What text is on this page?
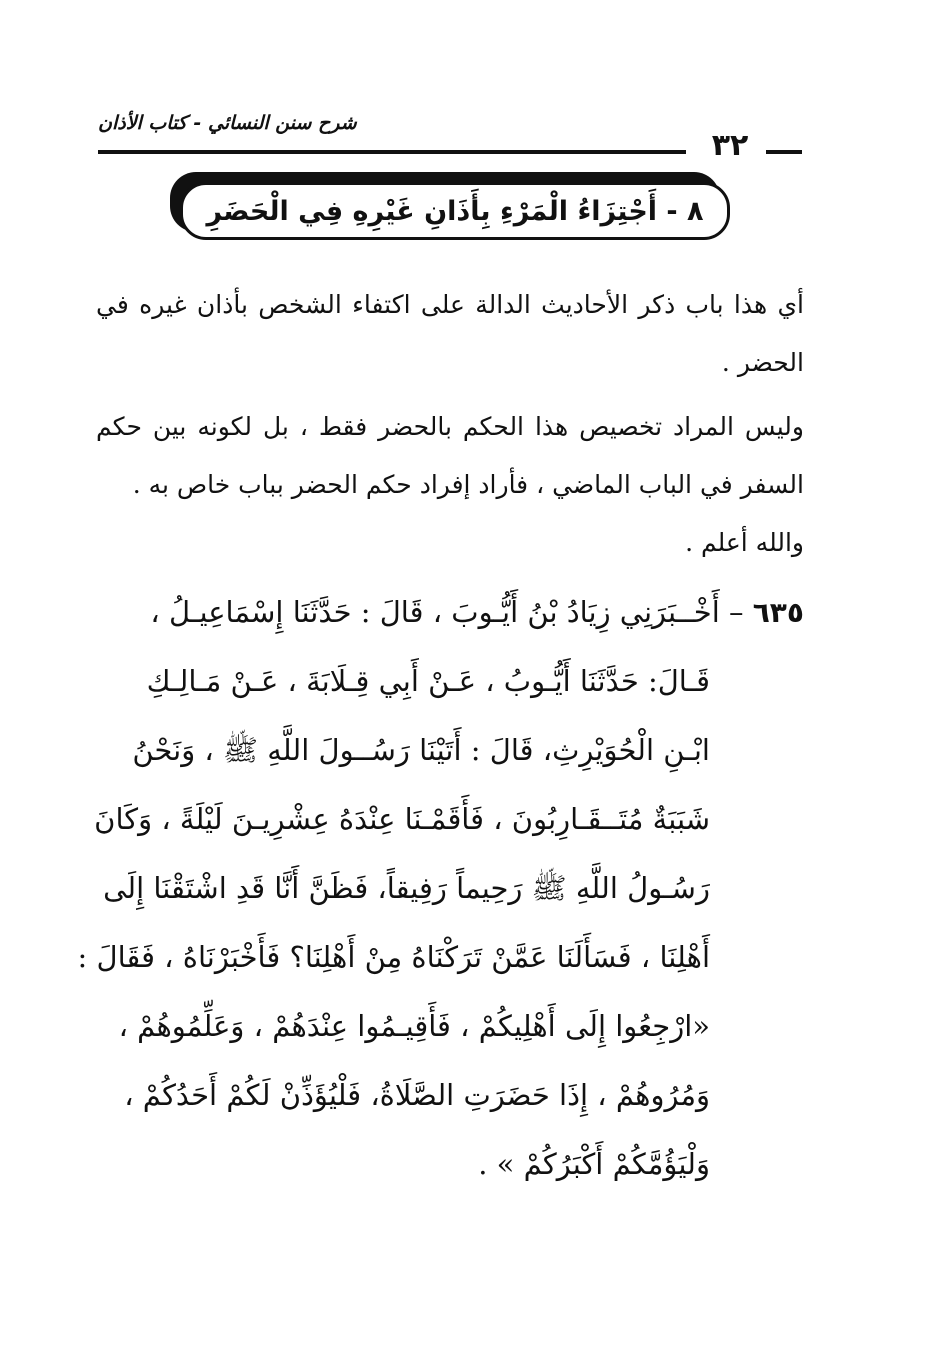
شرح سنن النسائي - كتاب الأذان
٣٢
٨ - أَجْتِزَاءُ الْمَرْءِ بِأَذَانِ غَيْرِهِ فِي الْحَضَرِ

أي هذا باب ذكر الأحاديث الدالة على اكتفاء الشخص بأذان غيره في الحضر .

وليس المراد تخصيص هذا الحكم بالحضر فقط ، بل لكونه بين حكم السفر في الباب الماضي ، فأراد إفراد حكم الحضر بباب خاص به .

والله أعلم .

٦٣٥ – أَخْــبَرَنِي زِيَادُ بْنُ أَيُّـوبَ ، قَالَ : حَدَّثَنَا إِسْمَاعِيـلُ ،
قَـالَ: حَدَّثَنَا أَيُّـوبُ ، عَـنْ أَبِي قِـلَابَةَ ، عَـنْ مَـالِـكِ
ابْـنِ الْحُوَيْرِثِ، قَالَ : أَتَيْنَا رَسُــولَ اللَّهِ ﷺ ، وَنَحْنُ
شَبَبَةٌ مُتَــقَـارِبُونَ ، فَأَقَمْـنَا عِنْدَهُ عِشْرِيـنَ لَيْلَةً ، وَكَانَ
رَسُـولُ اللَّهِ ﷺ رَحِيماً رَفِيقاً، فَظَنَّ أَنَّا قَدِ اشْتَقْنَا إِلَى
أَهْلِنَا ، فَسَأَلَنَا عَمَّنْ تَرَكْنَاهُ مِنْ أَهْلِنَا؟ فَأَخْبَرْنَاهُ ، فَقَالَ :
«ارْجِعُوا إِلَى أَهْلِيكُمْ ، فَأَقِيـمُوا عِنْدَهُمْ ، وَعَلِّمُوهُمْ ،
وَمُرُوهُمْ ، إِذَا حَضَرَتِ الصَّلَاةُ، فَلْيُؤَذِّنْ لَكُمْ أَحَدُكُمْ ،
وَلْيَؤُمَّكُمْ أَكْبَرُكُمْ » .
